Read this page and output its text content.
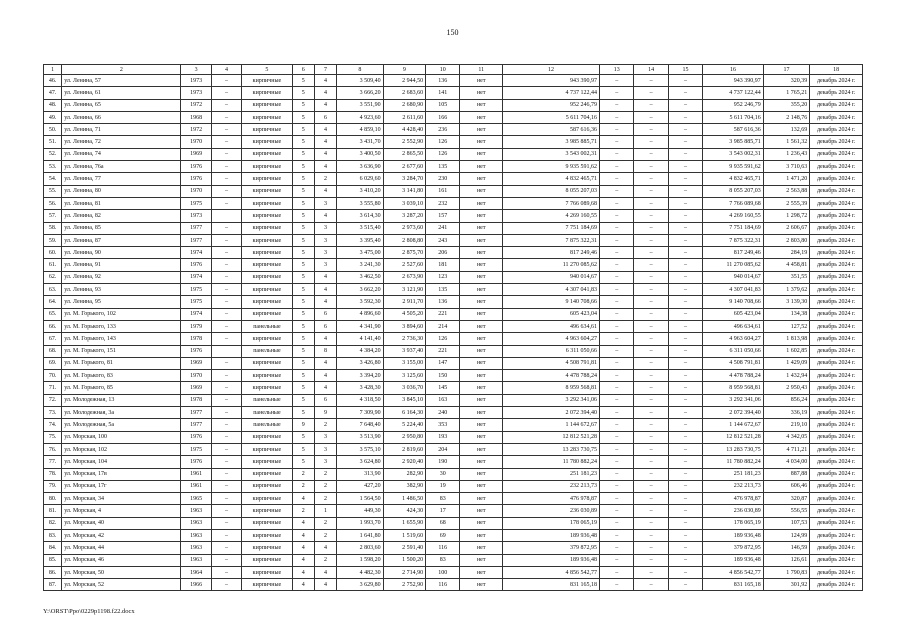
150
1	2	3	4	5	6	7	8	9	10	11	12	13	14	15	16	17	18
46.	ул. Ленина, 57	1973	–	кирпичные	5	4	3 509,40	2 944,50	136	нет	943 390,97	–	–	–	943 390,97	320,39	декабрь 2024 г.
47.	ул. Ленина, 61	1973	–	кирпичные	5	4	3 666,20	2 683,60	141	нет	4 737 122,44	–	–	–	4 737 122,44	1 765,21	декабрь 2024 г.
48.	ул. Ленина, 65	1972	–	кирпичные	5	4	3 551,90	2 680,90	105	нет	952 246,79	–	–	–	952 246,79	355,20	декабрь 2024 г.
49.	ул. Ленина, 66	1968	–	кирпичные	5	6	4 923,60	2 611,60	166	нет	5 611 704,16	–	–	–	5 611 704,16	2 148,76	декабрь 2024 г.
50.	ул. Ленина, 71	1972	–	кирпичные	5	4	4 859,10	4 428,40	236	нет	587 616,36	–	–	–	587 616,36	132,69	декабрь 2024 г.
51.	ул. Ленина, 72	1970	–	кирпичные	5	4	3 431,70	2 552,90	126	нет	3 985 885,71	–	–	–	3 985 885,71	1 561,32	декабрь 2024 г.
52.	ул. Ленина, 74	1969	–	кирпичные	5	4	3 400,50	2 865,50	126	нет	3 543 002,31	–	–	–	3 543 002,31	1 236,43	декабрь 2024 г.
53.	ул. Ленина, 76а	1976	–	кирпичные	5	4	3 636,90	2 677,60	135	нет	9 935 591,62	–	–	–	9 935 591,62	3 710,63	декабрь 2024 г.
54.	ул. Ленина, 77	1976	–	кирпичные	5	2	6 029,60	3 284,70	230	нет	4 832 465,71	–	–	–	4 832 465,71	1 471,20	декабрь 2024 г.
55.	ул. Ленина, 80	1970	–	кирпичные	5	4	3 410,20	3 141,80	161	нет	8 055 207,03	–	–	–	8 055 207,03	2 563,88	декабрь 2024 г.
56.	ул. Ленина, 81	1975	–	кирпичные	5	3	3 555,80	3 039,10	232	нет	7 766 089,68	–	–	–	7 766 089,68	2 555,39	декабрь 2024 г.
57.	ул. Ленина, 82	1973		кирпичные	5	4	3 614,30	3 287,20	157	нет	4 269 160,55	–	–	–	4 269 160,55	1 298,72	декабрь 2024 г.
58.	ул. Ленина, 85	1977	–	кирпичные	5	3	3 515,40	2 973,60	241	нет	7 751 184,69	–	–	–	7 751 184,69	2 606,67	декабрь 2024 г.
59.	ул. Ленина, 87	1977	–	кирпичные	5	3	3 395,40	2 808,80	243	нет	7 875 322,31	–	–	–	7 875 322,31	2 803,80	декабрь 2024 г.
60.	ул. Ленина, 90	1974	–	кирпичные	5	3	3 475,00	2 875,70	206	нет	817 249,46	–	–	–	817 249,46	284,19	декабрь 2024 г.
61.	ул. Ленина, 91	1976	–	кирпичные	5	3	3 241,30	2 527,60	181	нет	11 270 085,62	–	–	–	11 270 085,62	4 458,81	декабрь 2024 г.
62.	ул. Ленина, 92	1974	–	кирпичные	5	4	3 462,50	2 673,90	123	нет	940 014,67	–	–	–	940 014,67	351,55	декабрь 2024 г.
63.	ул. Ленина, 93	1975	–	кирпичные	5	4	3 662,20	3 121,90	135	нет	4 307 041,83	–	–	–	4 307 041,83	1 379,62	декабрь 2024 г.
64.	ул. Ленина, 95	1975	–	кирпичные	5	4	3 592,30	2 911,70	136	нет	9 140 708,66	–	–	–	9 140 708,66	3 139,30	декабрь 2024 г.
65.	ул. М. Горького, 102	1974	–	кирпичные	5	6	4 896,60	4 505,20	221	нет	605 423,04	–	–	–	605 423,04	134,38	декабрь 2024 г.
66.	ул. М. Горького, 133	1979	–	панельные	5	6	4 341,90	3 894,60	214	нет	496 634,61	–	–	–	496 634,61	127,52	декабрь 2024 г.
67.	ул. М. Горького, 143	1978	–	кирпичные	5	4	4 141,40	2 736,30	126	нет	4 963 604,27	–	–	–	4 963 604,27	1 813,98	декабрь 2024 г.
68.	ул. М. Горького, 151	1976		панельные	5	8	4 384,20	3 937,40	221	нет	6 311 050,66	–	–	–	6 311 050,66	1 602,85	декабрь 2024 г.
69.	ул. М. Горького, 81	1969	–	кирпичные	5	4	3 426,80	3 155,00	147	нет	4 508 791,81	–	–	–	4 508 791,81	1 429,09	декабрь 2024 г.
70.	ул. М. Горького, 83	1970	–	кирпичные	5	4	3 394,20	3 125,60	150	нет	4 478 788,24	–	–	–	4 478 788,24	1 432,94	декабрь 2024 г.
71.	ул. М. Горького, 85	1969	–	кирпичные	5	4	3 428,30	3 036,70	145	нет	8 959 568,81	–	–	–	8 959 568,81	2 950,43	декабрь 2024 г.
72.	ул. Молодежная, 13	1978	–	панельные	5	6	4 318,50	3 845,10	163	нет	3 292 341,06	–	–	–	3 292 341,06	856,24	декабрь 2024 г.
73.	ул. Молодежная, 3а	1977	–	панельные	5	9	7 309,90	6 164,30	240	нет	2 072 394,40	–	–	–	2 072 394,40	336,19	декабрь 2024 г.
74.	ул. Молодежная, 5а	1977	–	панельные	9	2	7 648,40	5 224,40	353	нет	1 144 672,67	–	–	–	1 144 672,67	219,10	декабрь 2024 г.
75.	ул. Морская, 100	1976	–	кирпичные	5	3	3 513,90	2 950,80	193	нет	12 812 521,28	–	–	–	12 812 521,28	4 342,05	декабрь 2024 г.
76.	ул. Морская, 102	1975	–	кирпичные	5	3	3 575,10	2 819,60	204	нет	13 283 730,75	–	–	–	13 283 730,75	4 711,21	декабрь 2024 г.
77.	ул. Морская, 104	1976	–	кирпичные	5	3	3 624,80	2 920,40	190	нет	11 780 882,24	–	–	–	11 780 882,24	4 034,00	декабрь 2024 г.
78.	ул. Морская, 17в	1961	–	кирпичные	2	2	313,90	282,90	30	нет	251 181,23	–	–	–	251 181,23	887,88	декабрь 2024 г.
79.	ул. Морская, 17г	1961	–	кирпичные	2	2	427,20	382,90	19	нет	232 213,73	–	–	–	232 213,73	606,46	декабрь 2024 г.
80.	ул. Морская, 34	1965	–	кирпичные	4	2	1 564,50	1 486,50	83	нет	476 978,87	–	–	–	476 978,87	320,87	декабрь 2024 г.
81.	ул. Морская, 4	1963	–	кирпичные	2	1	449,30	424,30	17	нет	236 030,89	–	–	–	236 030,89	556,55	декабрь 2024 г.
82.	ул. Морская, 40	1963	–	кирпичные	4	2	1 993,70	1 655,90	68	нет	178 065,19	–	–	–	178 065,19	107,53	декабрь 2024 г.
83.	ул. Морская, 42	1963	–	кирпичные	4	2	1 641,80	1 519,60	69	нет	189 936,48	–	–	–	189 936,48	124,99	декабрь 2024 г.
84.	ул. Морская, 44	1963	–	кирпичные	4	4	2 803,60	2 591,40	116	нет	379 872,95	–	–	–	379 872,95	146,59	декабрь 2024 г.
85.	ул. Морская, 46	1963	–	кирпичные	4	2	1 598,20	1 500,20	83	нет	189 936,48	–	–	–	189 936,48	126,61	декабрь 2024 г.
86.	ул. Морская, 50	1964	–	кирпичные	4	4	4 482,30	2 714,90	100	нет	4 856 542,77	–	–	–	4 856 542,77	1 790,83	декабрь 2024 г.
87.	ул. Морская, 52	1966	–	кирпичные	4	4	3 629,80	2 752,90	116	нет	831 165,18	–	–	–	831 165,18	301,92	декабрь 2024 г.
Y:\ORST\Ppo\0229p1198.f22.docx
